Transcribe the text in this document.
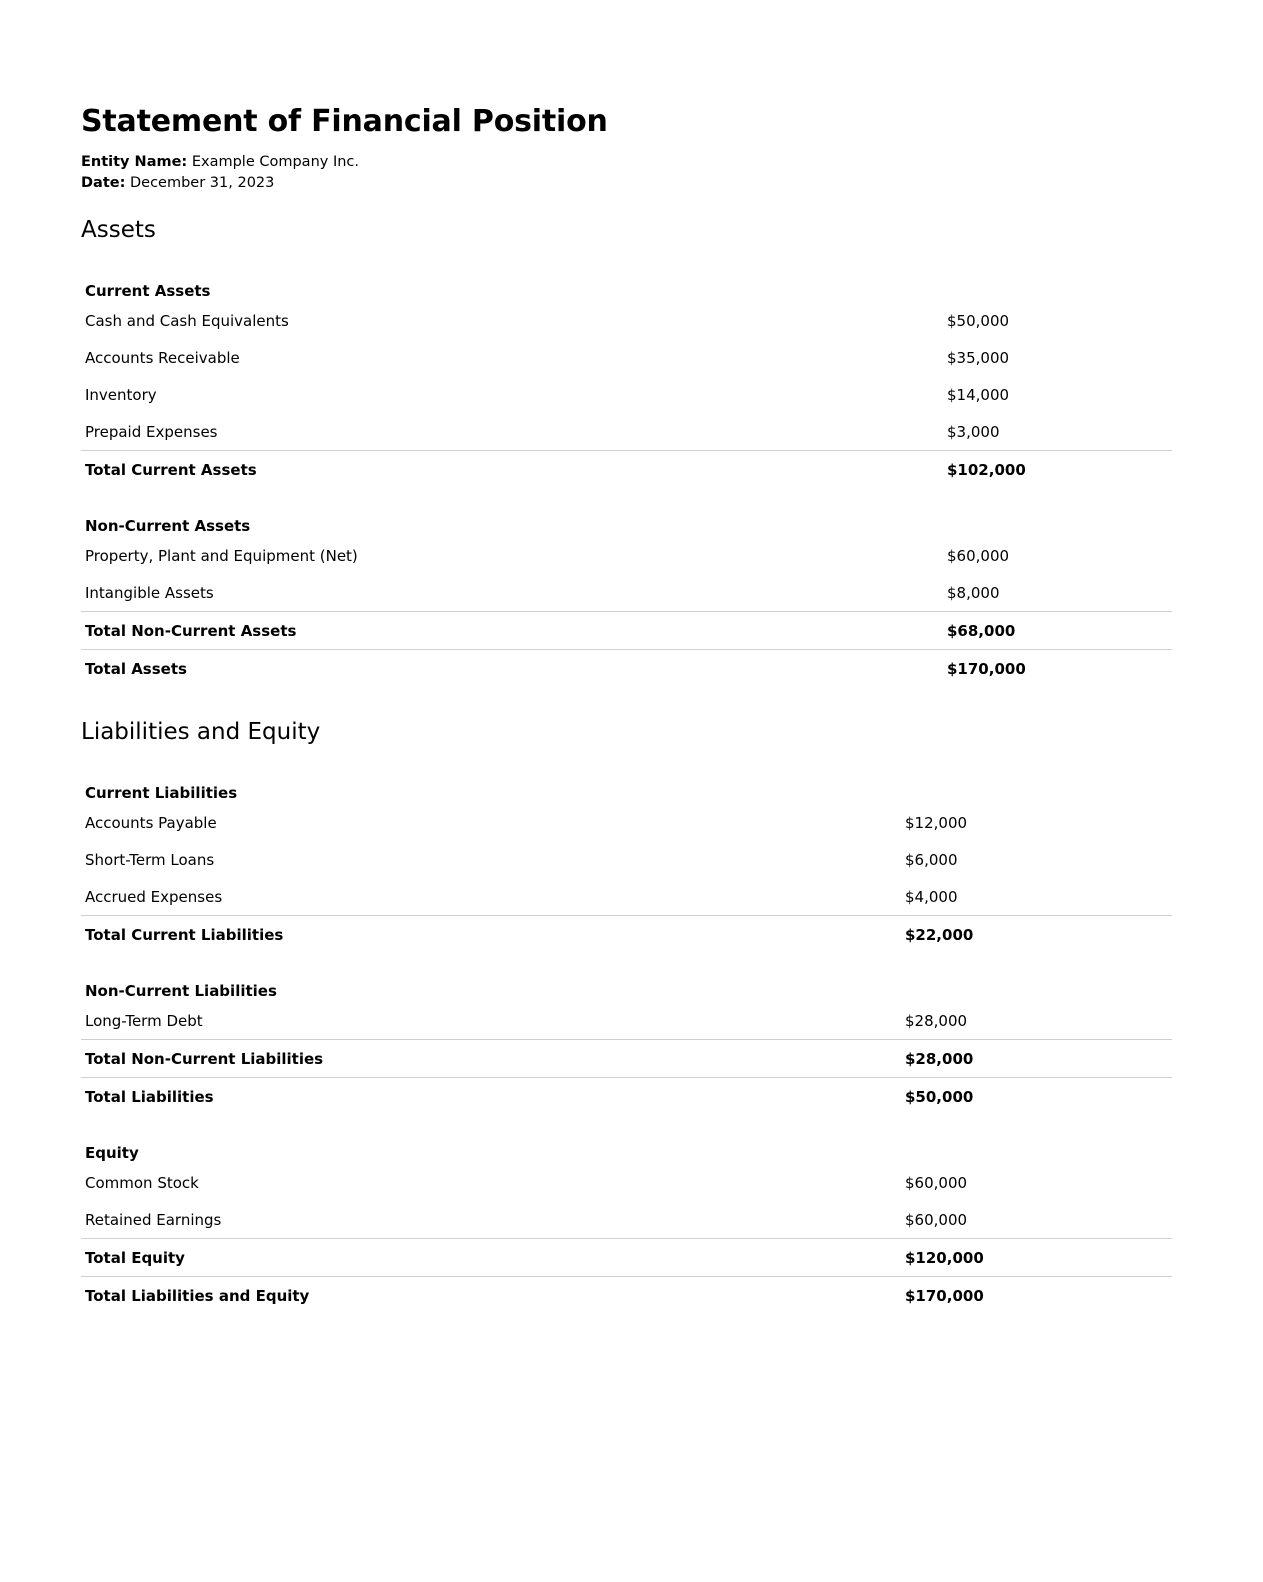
Statement of Financial Position
Entity Name: Example Company Inc.
Date: December 31, 2023
Assets
Current Assets	
Cash and Cash Equivalents	$50,000
Accounts Receivable	$35,000
Inventory	$14,000
Prepaid Expenses	$3,000
Total Current Assets	$102,000
Non-Current Assets	
Property, Plant and Equipment (Net)	$60,000
Intangible Assets	$8,000
Total Non-Current Assets	$68,000
Total Assets	$170,000
Liabilities and Equity
Current Liabilities	
Accounts Payable	$12,000
Short-Term Loans	$6,000
Accrued Expenses	$4,000
Total Current Liabilities	$22,000
Non-Current Liabilities	
Long-Term Debt	$28,000
Total Non-Current Liabilities	$28,000
Total Liabilities	$50,000
Equity	
Common Stock	$60,000
Retained Earnings	$60,000
Total Equity	$120,000
Total Liabilities and Equity	$170,000
